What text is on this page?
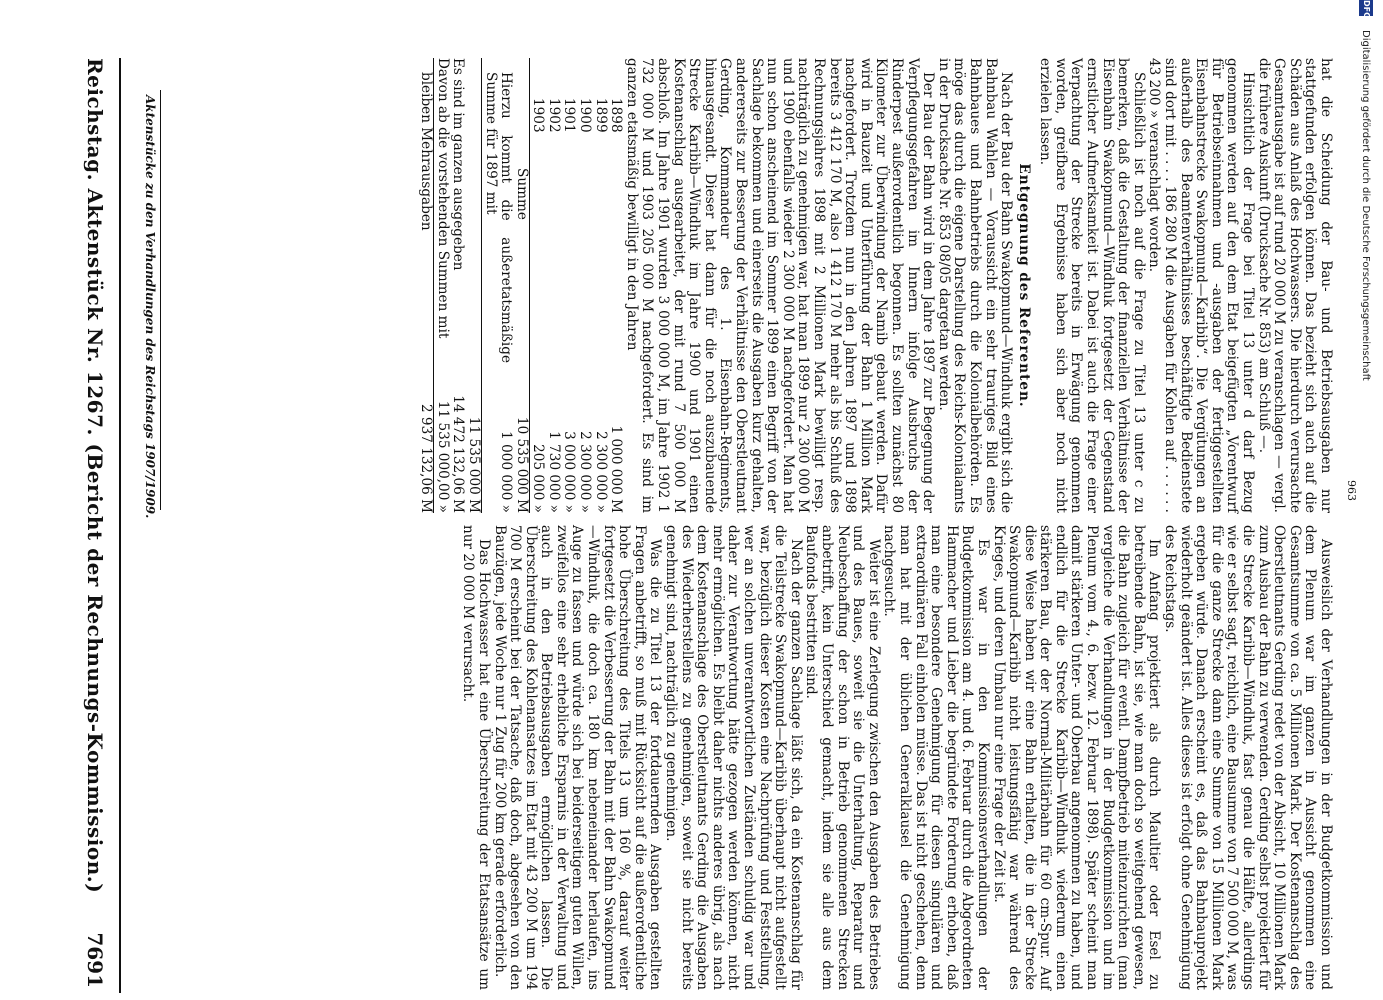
DFG
Digitalisierung gefördert durch die Deutsche Forschungsgemeinschaft
963
Reichstag. Aktenstück Nr. 1267. (Bericht der Rechnungs-Kommission.)
7691

hat die Scheidung der Bau- und Betriebsausgaben nur stattgefunden erfolgen können. Das bezieht sich auch auf die Schäden aus Anlaß des Hochwassers. Die hierdurch verursachte Gesamtausgabe ist auf rund 20 000 M zu veranschlagen — vergl. die frühere Auskunft (Drucksache Nr. 853) am Schluß —.

Hinsichtlich der Frage bei Titel 13 unter d darf Bezug genommen werden auf den dem Etat beigefügten „Vorentwurf für Betriebseinnahmen und -ausgaben der fertiggestellten Eisenbahnstrecke Swakopmund—Karibib“. Die Vergütungen an außerhalb des Beamtenverhältnisses beschäftigte Bedienstete sind dort mit . . . . 186 280 M die Ausgaben für Kohlen auf . . . . . . 43 200 » veranschlagt worden.

Schließlich ist noch auf die Frage zu Titel 13 unter c zu bemerken, daß die Gestaltung der finanziellen Verhältnisse der Eisenbahn Swakopmund—Windhuk fortgesetzt der Gegenstand ernstlicher Aufmerksamkeit ist. Dabei ist auch die Frage einer Verpachtung der Strecke bereits in Erwägung genommen worden, greifbare Ergebnisse haben sich aber noch nicht erzielen lassen.

Entgegnung des Referenten.

Nach der Bau der Bahn Swakopmund—Windhuk ergibt sich die Bahnbau Wahlen — Voraussicht ein sehr trauriges Bild eines Bahnbaues und Bahnbetriebs durch die Kolonialbehörden. Es möge das durch die eigene Darstellung des Reichs-Kolonialamts in der Drucksache Nr. 853 08/05 dargetan werden.

Der Bau der Bahn wird in dem Jahre 1897 zur Begegnung der Verpflegungsgefahren im Innern infolge Ausbruchs der Rinderpest außerordentlich begonnen. Es sollten zunächst 80 Kilometer zur Überwindung der Namib gebaut werden. Dafür wird in Bauzeit und Unterführung der Bahn 1 Million Mark nachgefordert. Trotzdem nun in den Jahren 1897 und 1898 bereits 3 412 170 M, also 1 412 170 M mehr als bis Schluß des Rechnungsjahres 1898 mit 2 Millionen Mark bewilligt resp. nachträglich zu genehmigen war, hat man 1899 nur 2 300 000 M und 1900 ebenfalls wieder 2 300 000 M nachgefordert. Man hat nun schon anscheinend im Sommer 1899 einen Begriff von der Sachlage bekommen und einerseits die Ausgaben kurz gehalten, andererseits zur Besserung der Verhältnisse den Oberstleutnant Gerding, Kommandeur des 1. Eisenbahn-Regiments, hinausgesandt. Dieser hat dann für die noch auszubauende Strecke Karibib—Windhuk im Jahre 1900 und 1901 einen Kostenanschlag ausgearbeitet, der mit rund 7 500 000 M abschloß. Im Jahre 1901 wurden 3 000 000 M, im Jahre 1902 1 732 000 M und 1903 205 000 M nachgefordert. Es sind im ganzen etatsmäßig bewilligt in den Jahren

1898
1 000 000 M
1899
2 300 000 »
1900
2 300 000 »
1901
3 000 000 »
1902
1 730 000 »
1903
205 000 »
Summe
10 535 000 M
Hierzu kommt die außeretatsmäßige Summe für 1897 mit
1 000 000 »
11 535 000 M
Es sind im ganzen ausgegeben
14 472 132,06 M
Davon ab die vorstehenden Summen mit
11 535 000,00 »
bleiben Mehrausgaben
2 937 132,06 M

Ausweislich der Verhandlungen in der Budgetkommission und dem Plenum war im ganzen in Aussicht genommen eine Gesamtsumme von ca. 5 Millionen Mark. Der Kostenanschlag des Oberstleutnants Gerding redet von der Absicht, 10 Millionen Mark zum Ausbau der Bahn zu verwenden. Gerding selbst projektiert für die Strecke Karibib—Windhuk, fast genau die Hälfte, allerdings wie er selbst sagt, reichlich, eine Bausumme von 7 500 000 M, was für die ganze Strecke dann eine Summe von 15 Millionen Mark ergeben würde. Danach erscheint es, daß das Bahnbauprojekt wiederholt geändert ist. Alles dieses ist erfolgt ohne Genehmigung des Reichstags.

Im Anfang projektiert als durch Maultier oder Esel zu betreibende Bahn, ist sie, wie man doch so weitgehend gewesen, die Bahn zugleich für eventl. Dampfbetrieb miteinzurichten (man vergleiche die Verhandlungen in der Budgetkommission und im Plenum vom 4., 6. bezw. 12. Februar 1898). Später scheint man damit stärkeren Unter- und Oberbau angenommen zu haben, und endlich für die Strecke Karibib—Windhuk wiederum einen stärkeren Bau, der der Normal-Militärbahn für 60 cm-Spur. Auf diese Weise haben wir eine Bahn erhalten, die in der Strecke Swakopmund—Karibib nicht leistungsfähig war während des Krieges, und deren Umbau nur eine Frage der Zeit ist.

Es war in den Kommissionsverhandlungen der Budgetkommission am 4. und 6. Februar durch die Abgeordneten Hammacher und Lieber die begründete Forderung erhoben, daß man eine besondere Genehmigung für diesen singulären und extraordinären Fall einholen müsse. Das ist nicht geschehen, denn man hat mit der üblichen Generalklausel die Genehmigung nachgesucht.

Weiter ist eine Zerlegung zwischen den Ausgaben des Betriebes und des Baues, soweit sie die Unterhaltung, Reparatur und Neubeschaffung der schon in Betrieb genommenen Strecken anbetrifft, kein Unterschied gemacht, indem sie alle aus dem Baufonds bestritten sind.

Nach der ganzen Sachlage läßt sich, da ein Kostenanschlag für die Teilstrecke Swakopmund—Karibib überhaupt nicht aufgestellt war, bezüglich dieser Kosten eine Nachprüfung und Feststellung, wer an solchen unverantwortlichen Zuständen schuldig war und daher zur Verantwortung hätte gezogen werden können, nicht mehr ermöglichen. Es bleibt daher nichts anderes übrig, als nach dem Kostenanschlage des Oberstleutnants Gerding die Ausgaben des Wiederherstellens zu genehmigen, soweit sie nicht bereits genehmigt sind, nachträglich zu genehmigen.

Was die zu Titel 13 der fortdauernden Ausgaben gestellten Fragen anbetrifft, so muß mit Rücksicht auf die außerordentliche hohe Überschreitung des Titels 13 um 160 %, darauf weiter fortgesetzt die Verbesserung der Bahn mit der Bahn Swakopmund—Windhuk, die doch ca. 180 km nebeneinander herlaufen, ins Auge zu fassen und würde sich bei beiderseitigem guten Willen, zweifellos eine sehr erhebliche Ersparnis in der Verwaltung und auch in den Betriebsausgaben ermöglichen lassen. Die Überschreitung des Kohlenansatzes im Etat mit 43 200 M um 194 700 M erscheint bei der Tatsache, daß doch, abgesehen von den Bauzügen, jede Woche nur 1 Zug für 200 km gerade erforderlich.

Das Hochwasser hat eine Überschreitung der Etatsansätze um nur 20 000 M verursacht.

Aktenstücke zu den Verhandlungen des Reichstags 1907/1909.
